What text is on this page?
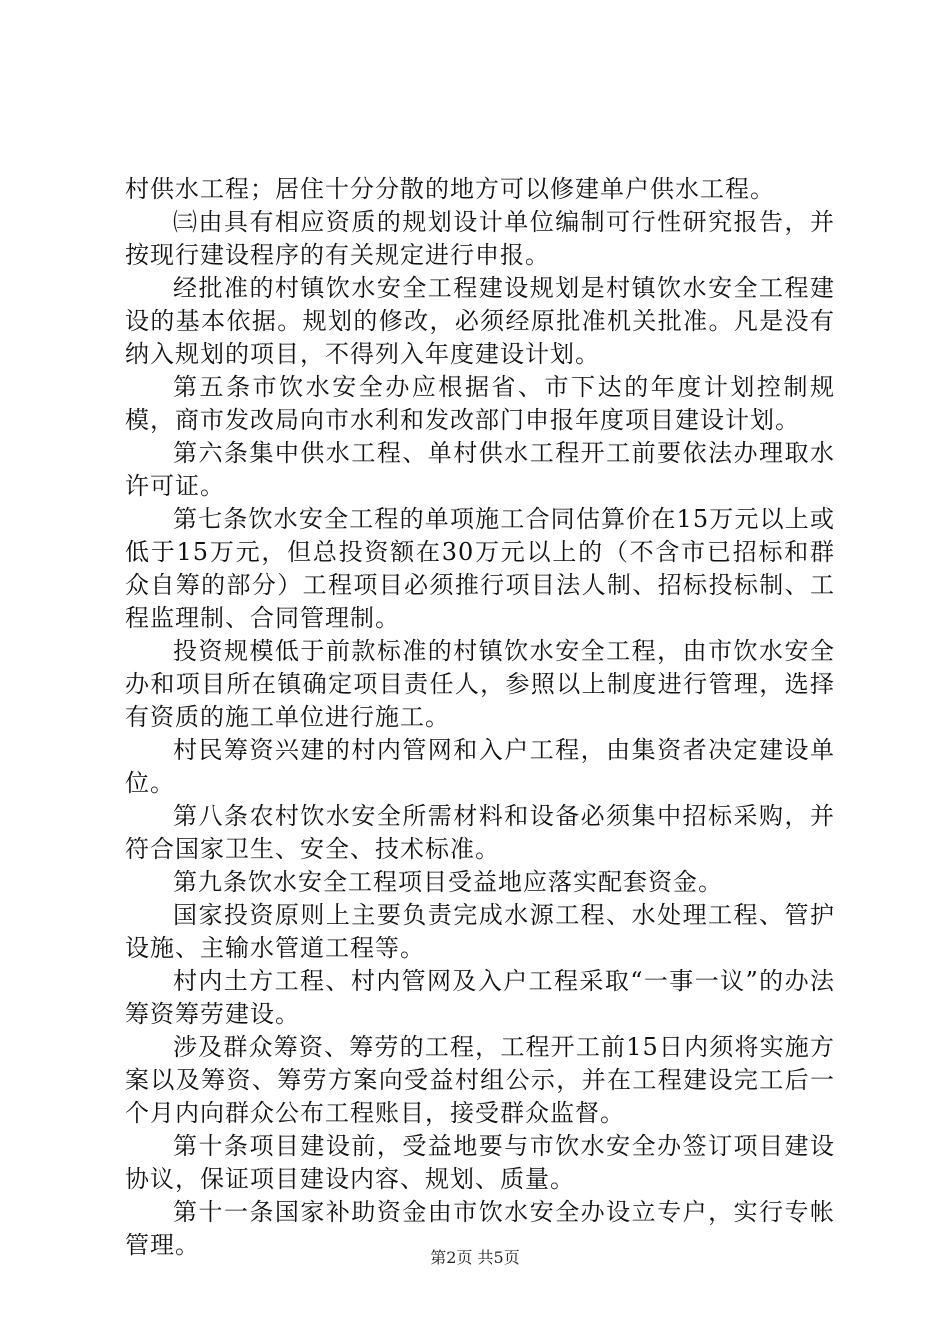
村供水工程；居住十分分散的地方可以修建单户供水工程。

㈢由具有相应资质的规划设计单位编制可行性研究报告，并按现行建设程序的有关规定进行申报。

经批准的村镇饮水安全工程建设规划是村镇饮水安全工程建设的基本依据。规划的修改，必须经原批准机关批准。凡是没有纳入规划的项目，不得列入年度建设计划。

第五条市饮水安全办应根据省、市下达的年度计划控制规模，商市发改局向市水利和发改部门申报年度项目建设计划。

第六条集中供水工程、单村供水工程开工前要依法办理取水许可证。

第七条饮水安全工程的单项施工合同估算价在15万元以上或低于15万元，但总投资额在30万元以上的（不含市已招标和群众自筹的部分）工程项目必须推行项目法人制、招标投标制、工程监理制、合同管理制。

投资规模低于前款标准的村镇饮水安全工程，由市饮水安全办和项目所在镇确定项目责任人，参照以上制度进行管理，选择有资质的施工单位进行施工。

村民筹资兴建的村内管网和入户工程，由集资者决定建设单位。

第八条农村饮水安全所需材料和设备必须集中招标采购，并符合国家卫生、安全、技术标准。

第九条饮水安全工程项目受益地应落实配套资金。

国家投资原则上主要负责完成水源工程、水处理工程、管护设施、主输水管道工程等。

村内土方工程、村内管网及入户工程采取“一事一议”的办法筹资筹劳建设。

涉及群众筹资、筹劳的工程，工程开工前15日内须将实施方案以及筹资、筹劳方案向受益村组公示，并在工程建设完工后一个月内向群众公布工程账目，接受群众监督。

第十条项目建设前，受益地要与市饮水安全办签订项目建设协议，保证项目建设内容、规划、质量。

第十一条国家补助资金由市饮水安全办设立专户，实行专帐管理。	第2页 共5页
